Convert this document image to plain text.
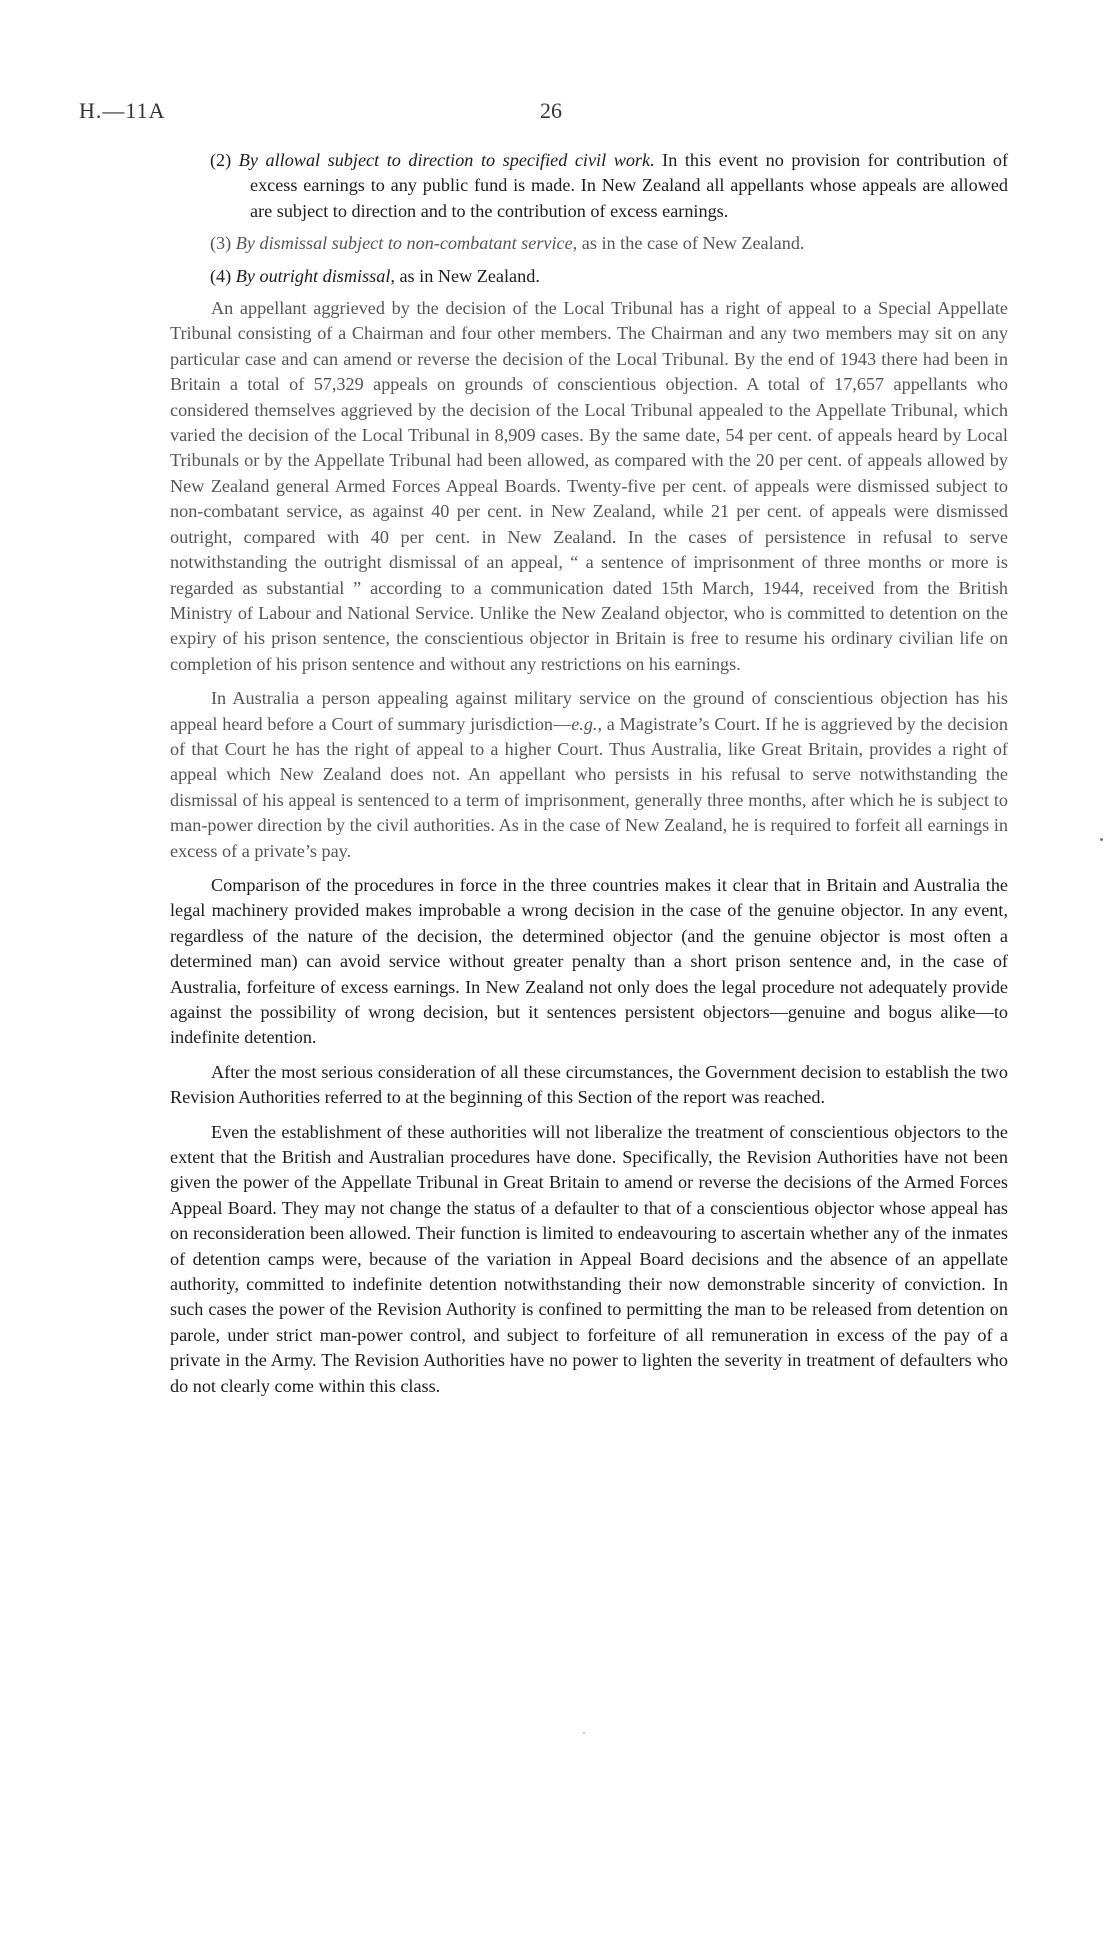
H.—11A	26

(2) By allowal subject to direction to specified civil work. In this event no provision for contribution of excess earnings to any public fund is made. In New Zealand all appellants whose appeals are allowed are subject to direction and to the contribution of excess earnings.

(3) By dismissal subject to non-combatant service, as in the case of New Zealand.

(4) By outright dismissal, as in New Zealand.

An appellant aggrieved by the decision of the Local Tribunal has a right of appeal to a Special Appellate Tribunal consisting of a Chairman and four other members. The Chairman and any two members may sit on any particular case and can amend or reverse the decision of the Local Tribunal. By the end of 1943 there had been in Britain a total of 57,329 appeals on grounds of conscientious objection. A total of 17,657 appellants who considered themselves aggrieved by the decision of the Local Tribunal appealed to the Appellate Tribunal, which varied the decision of the Local Tribunal in 8,909 cases. By the same date, 54 per cent. of appeals heard by Local Tribunals or by the Appellate Tribunal had been allowed, as compared with the 20 per cent. of appeals allowed by New Zealand general Armed Forces Appeal Boards. Twenty-five per cent. of appeals were dismissed subject to non-combatant service, as against 40 per cent. in New Zealand, while 21 per cent. of appeals were dismissed outright, compared with 40 per cent. in New Zealand. In the cases of persistence in refusal to serve notwithstanding the outright dismissal of an appeal, “ a sentence of imprisonment of three months or more is regarded as substantial ” according to a communication dated 15th March, 1944, received from the British Ministry of Labour and National Service. Unlike the New Zealand objector, who is committed to detention on the expiry of his prison sentence, the conscientious objector in Britain is free to resume his ordinary civilian life on completion of his prison sentence and without any restrictions on his earnings.

In Australia a person appealing against military service on the ground of conscientious objection has his appeal heard before a Court of summary jurisdiction—e.g., a Magistrate’s Court. If he is aggrieved by the decision of that Court he has the right of appeal to a higher Court. Thus Australia, like Great Britain, provides a right of appeal which New Zealand does not. An appellant who persists in his refusal to serve notwithstanding the dismissal of his appeal is sentenced to a term of imprisonment, generally three months, after which he is subject to man-power direction by the civil authorities. As in the case of New Zealand, he is required to forfeit all earnings in excess of a private’s pay.

Comparison of the procedures in force in the three countries makes it clear that in Britain and Australia the legal machinery provided makes improbable a wrong decision in the case of the genuine objector. In any event, regardless of the nature of the decision, the determined objector (and the genuine objector is most often a determined man) can avoid service without greater penalty than a short prison sentence and, in the case of Australia, forfeiture of excess earnings. In New Zealand not only does the legal procedure not adequately provide against the possibility of wrong decision, but it sentences persistent objectors—genuine and bogus alike—to indefinite detention.

After the most serious consideration of all these circumstances, the Government decision to establish the two Revision Authorities referred to at the beginning of this Section of the report was reached.

Even the establishment of these authorities will not liberalize the treatment of conscientious objectors to the extent that the British and Australian procedures have done. Specifically, the Revision Authorities have not been given the power of the Appellate Tribunal in Great Britain to amend or reverse the decisions of the Armed Forces Appeal Board. They may not change the status of a defaulter to that of a conscientious objector whose appeal has on reconsideration been allowed. Their function is limited to endeavouring to ascertain whether any of the inmates of detention camps were, because of the variation in Appeal Board decisions and the absence of an appellate authority, committed to indefinite detention notwithstanding their now demonstrable sincerity of conviction. In such cases the power of the Revision Authority is confined to permitting the man to be released from detention on parole, under strict man-power control, and subject to forfeiture of all remuneration in excess of the pay of a private in the Army. The Revision Authorities have no power to lighten the severity in treatment of defaulters who do not clearly come within this class.
